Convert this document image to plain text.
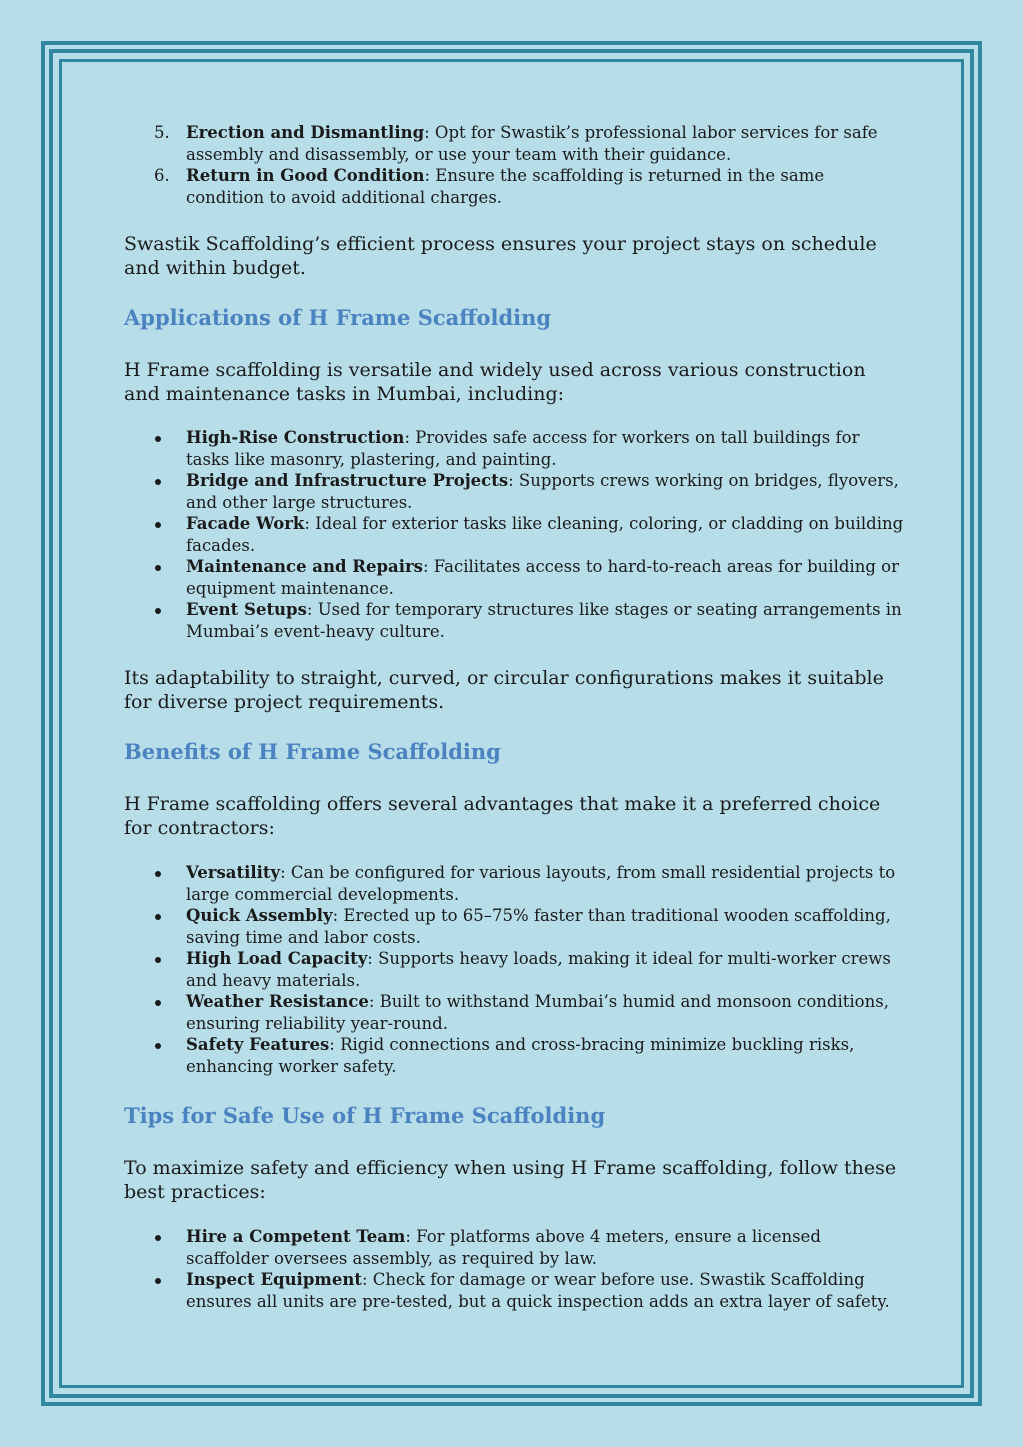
5. Erection and Dismantling: Opt for Swastik’s professional labor services for safe assembly and disassembly, or use your team with their guidance.
6. Return in Good Condition: Ensure the scaffolding is returned in the same condition to avoid additional charges.

Swastik Scaffolding’s efficient process ensures your project stays on schedule and within budget.

Applications of H Frame Scaffolding

H Frame scaffolding is versatile and widely used across various construction and maintenance tasks in Mumbai, including:

High-Rise Construction: Provides safe access for workers on tall buildings for tasks like masonry, plastering, and painting.
Bridge and Infrastructure Projects: Supports crews working on bridges, flyovers, and other large structures.
Facade Work: Ideal for exterior tasks like cleaning, coloring, or cladding on building facades.
Maintenance and Repairs: Facilitates access to hard-to-reach areas for building or equipment maintenance.
Event Setups: Used for temporary structures like stages or seating arrangements in Mumbai’s event-heavy culture.

Its adaptability to straight, curved, or circular configurations makes it suitable for diverse project requirements.

Benefits of H Frame Scaffolding

H Frame scaffolding offers several advantages that make it a preferred choice for contractors:

Versatility: Can be configured for various layouts, from small residential projects to large commercial developments.
Quick Assembly: Erected up to 65–75% faster than traditional wooden scaffolding, saving time and labor costs.
High Load Capacity: Supports heavy loads, making it ideal for multi-worker crews and heavy materials.
Weather Resistance: Built to withstand Mumbai’s humid and monsoon conditions, ensuring reliability year-round.
Safety Features: Rigid connections and cross-bracing minimize buckling risks, enhancing worker safety.
Tips for Safe Use of H Frame Scaffolding

To maximize safety and efficiency when using H Frame scaffolding, follow these best practices:

Hire a Competent Team: For platforms above 4 meters, ensure a licensed scaffolder oversees assembly, as required by law.
Inspect Equipment: Check for damage or wear before use. Swastik Scaffolding ensures all units are pre-tested, but a quick inspection adds an extra layer of safety.
